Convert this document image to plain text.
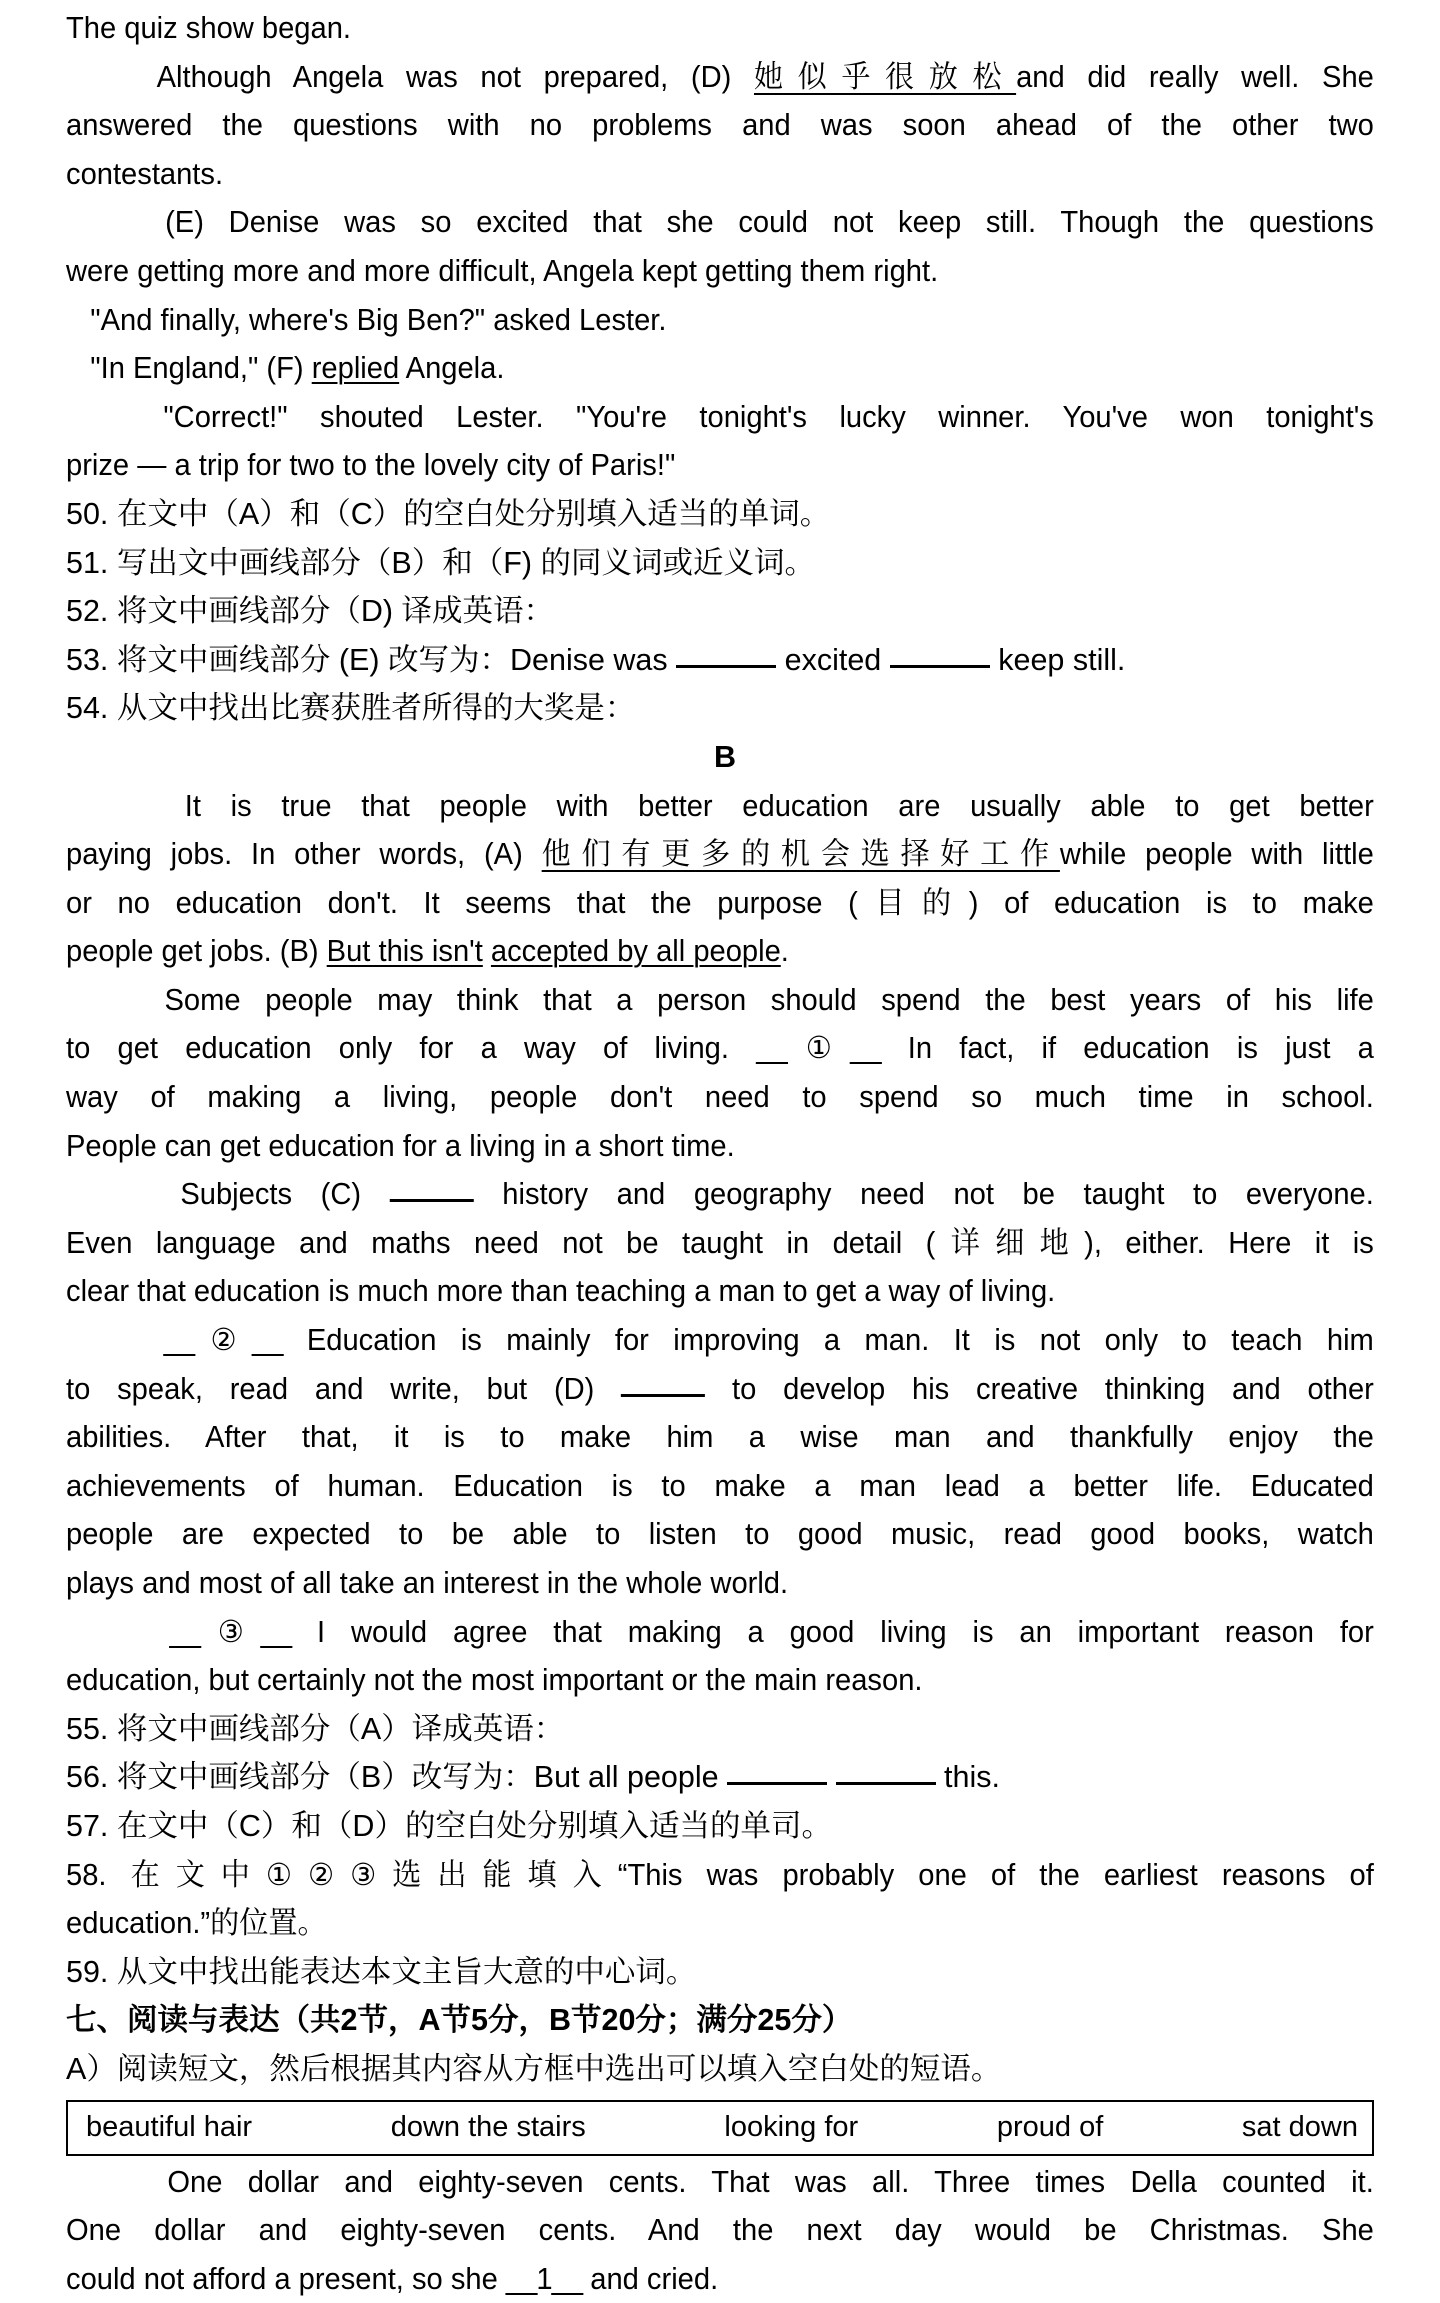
The quiz show began.
Although Angela was not prepared, (D) 她似乎很放松and did really well. She
answered the questions with no problems and was soon ahead of the other two
contestants.
(E) Denise was so excited that she could not keep still. Though the questions
were getting more and more difficult, Angela kept getting them right.
"And finally, where's Big Ben?" asked Lester.
"In England," (F) replied Angela.
"Correct!" shouted Lester. "You're tonight's lucky winner. You've won tonight's
prize — a trip for two to the lovely city of Paris!"
50. 在文中（A）和（C）的空白处分别填入适当的单词。
51. 写出文中画线部分（B）和（F) 的同义词或近义词。
52. 将文中画线部分（D) 译成英语：
53. 将文中画线部分 (E) 改写为：Denise was	excited	keep still.
54. 从文中找出比赛获胜者所得的大奖是：
B
It is true that people with better education are usually able to get better
paying jobs. In other words, (A) 他们有更多的机会选择好工作while people with little
or no education don't. It seems that the purpose (目的) of education is to make
people get jobs. (B) But this isn't accepted by all people.
Some people may think that a person should spend the best years of his life
to get education only for a way of living. __①__ In fact, if education is just a
way of making a living, people don't need to spend so much time in school.
People can get education for a living in a short time.
Subjects (C)	history and geography need not be taught to everyone.
Even language and maths need not be taught in detail (详细地), either. Here it is
clear that education is much more than teaching a man to get a way of living.
__②__ Education is mainly for improving a man. It is not only to teach him
to speak, read and write, but (D)	to develop his creative thinking and other
abilities. After that, it is to make him a wise man and thankfully enjoy the
achievements of human. Education is to make a man lead a better life. Educated
people are expected to be able to listen to good music, read good books, watch
plays and most of all take an interest in the whole world.
__③__ I would agree that making a good living is an important reason for
education, but certainly not the most important or the main reason.
55. 将文中画线部分（A）译成英语：
56. 将文中画线部分（B）改写为：But all people	this.
57. 在文中（C）和（D）的空白处分别填入适当的单司。
58. 在文中①②③选出能填入“This was probably one of the earliest reasons of
education.”的位置。
59. 从文中找出能表达本文主旨大意的中心词。
七、阅读与表达（共2节，A节5分，B节20分；满分25分）
A）阅读短文，然后根据其内容从方框中选出可以填入空白处的短语。
beautiful hair	down the stairs	looking for	proud of	sat down
One dollar and eighty-seven cents. That was all. Three times Della counted it.
One dollar and eighty-seven cents. And the next day would be Christmas. She
could not afford a present, so she __1__ and cried.
